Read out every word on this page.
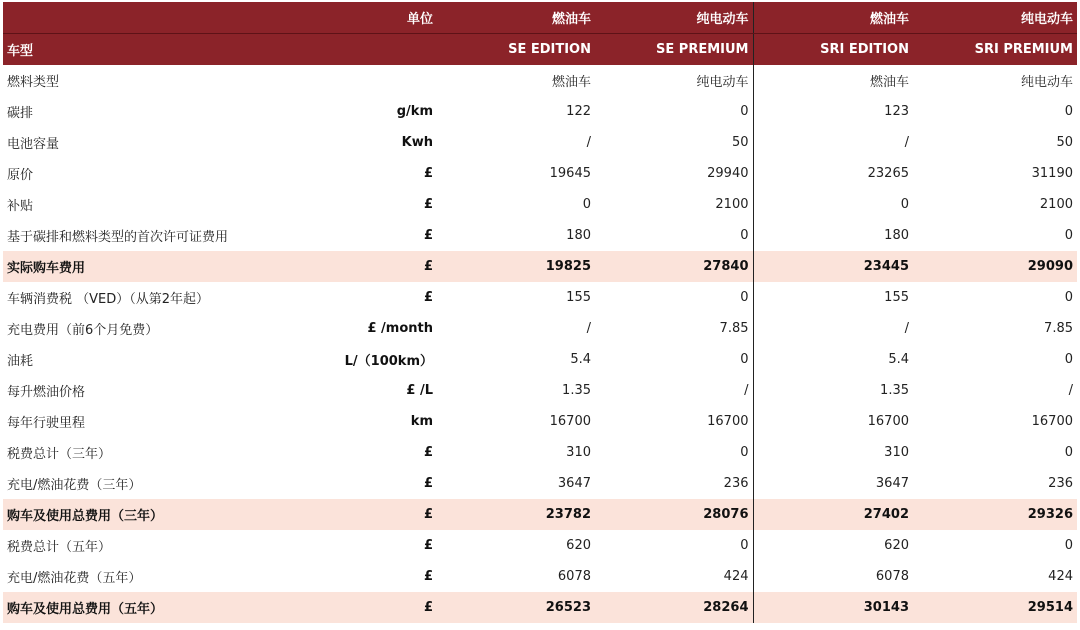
	单位	燃油车	纯电动车	燃油车	纯电动车
车型		SE EDITION	SE PREMIUM	SRI EDITION	SRI PREMIUM
燃料类型		燃油车	纯电动车	燃油车	纯电动车
碳排	g/km	122	0	123	0
电池容量	Kwh	/	50	/	50
原价	£	19645	29940	23265	31190
补贴	£	0	2100	0	2100
基于碳排和燃料类型的首次许可证费用	£	180	0	180	0
实际购车费用	£	19825	27840	23445	29090
车辆消费税 （VED）（从第2年起）	£	155	0	155	0
充电费用（前6个月免费）	£ /month	/	7.85	/	7.85
油耗	L/（100km）	5.4	0	5.4	0
每升燃油价格	£ /L	1.35	/	1.35	/
每年行驶里程	km	16700	16700	16700	16700
税费总计（三年）	£	310	0	310	0
充电/燃油花费（三年）	£	3647	236	3647	236
购车及使用总费用（三年）	£	23782	28076	27402	29326
税费总计（五年）	£	620	0	620	0
充电/燃油花费（五年）	£	6078	424	6078	424
购车及使用总费用（五年）	£	26523	28264	30143	29514
